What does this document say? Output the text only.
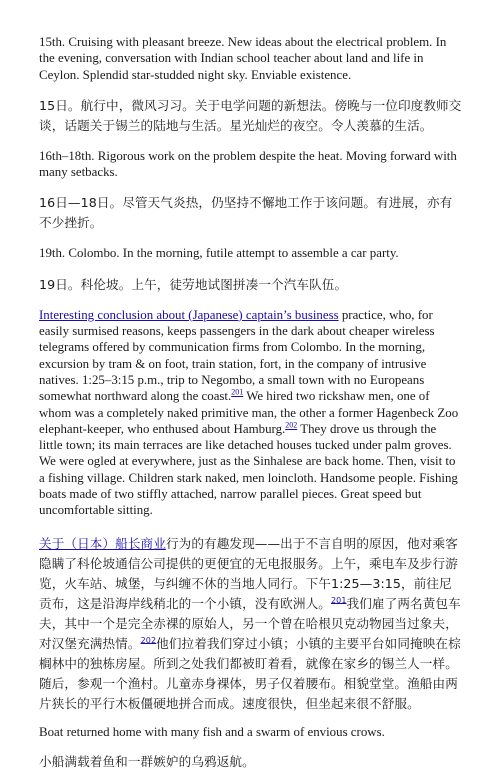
15th. Cruising with pleasant breeze. New ideas about the electrical problem. In the evening, conversation with Indian school teacher about land and life in Ceylon. Splendid star-studded night sky. Enviable existence.

15日。航行中，微风习习。关于电学问题的新想法。傍晚与一位印度教师交谈，话题关于锡兰的陆地与生活。星光灿烂的夜空。令人羡慕的生活。

16th–18th. Rigorous work on the problem despite the heat. Moving forward with many setbacks.

16日—18日。尽管天气炎热，仍坚持不懈地工作于该问题。有进展，亦有不少挫折。

19th. Colombo. In the morning, futile attempt to assemble a car party.

19日。科伦坡。上午，徒劳地试图拼凑一个汽车队伍。

Interesting conclusion about (Japanese) captain’s business practice, who, for easily surmised reasons, keeps passengers in the dark about cheaper wireless telegrams offered by communication firms from Colombo. In the morning, excursion by tram & on foot, train station, fort, in the company of intrusive natives. 1:25–3:15 p.m., trip to Negombo, a small town with no Europeans somewhat northward along the coast.$^{201}$ We hired two rickshaw men, one of whom was a completely naked primitive man, the other a former Hagenbeck Zoo elephant-keeper, who enthused about Hamburg.$^{202}$ They drove us through the little town; its main terraces are like detached houses tucked under palm groves. We were ogled at everywhere, just as the Sinhalese are back home. Then, visit to a fishing village. Children stark naked, men loincloth. Handsome people. Fishing boats made of two stiffly attached, narrow parallel pieces. Great speed but uncomfortable sitting.

关于（日本）船长商业行为的有趣发现——出于不言自明的原因，他对乘客隐瞒了科伦坡通信公司提供的更便宜的无电报服务。上午，乘电车及步行游览，火车站、城堡，与纠缠不休的当地人同行。下午1:25—3:15，前往尼贡布，这是沿海岸线稍北的一个小镇，没有欧洲人。$^{201}$我们雇了两名黄包车夫，其中一个是完全赤裸的原始人，另一个曾在哈根贝克动物园当过象夫，对汉堡充满热情。$^{202}$他们拉着我们穿过小镇；小镇的主要平台如同掩映在棕榈林中的独栋房屋。所到之处我们都被盯着看，就像在家乡的锡兰人一样。随后，参观一个渔村。儿童赤身裸体，男子仅着腰布。相貌堂堂。渔船由两片狭长的平行木板僵硬地拼合而成。速度很快，但坐起来很不舒服。

Boat returned home with many fish and a swarm of envious crows.

小船满载着鱼和一群嫉妒的乌鸦返航。
